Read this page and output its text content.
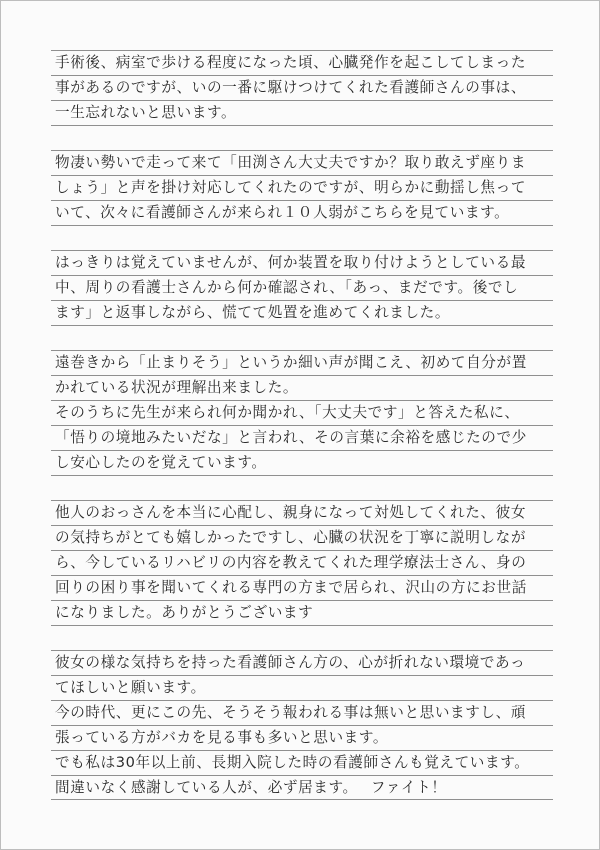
手術後、病室で歩ける程度になった頃、心臓発作を起こしてしまった
事があるのですが、いの一番に駆けつけてくれた看護師さんの事は、
一生忘れないと思います。
物凄い勢いで走って来て「田渕さん大丈夫ですか？取り敢えず座りま
しょう」と声を掛け対応してくれたのですが、明らかに動揺し焦って
いて、次々に看護師さんが来られ１０人弱がこちらを見ています。
はっきりは覚えていませんが、何か装置を取り付けようとしている最
中、周りの看護士さんから何か確認され、「あっ、まだです。後でし
ます」と返事しながら、慌てて処置を進めてくれました。
遠巻きから「止まりそう」というか細い声が聞こえ、初めて自分が置
かれている状況が理解出来ました。
そのうちに先生が来られ何か聞かれ、「大丈夫です」と答えた私に、
「悟りの境地みたいだな」と言われ、その言葉に余裕を感じたので少
し安心したのを覚えています。
他人のおっさんを本当に心配し、親身になって対処してくれた、彼女
の気持ちがとても嬉しかったですし、心臓の状況を丁寧に説明しなが
ら、今しているリハビリの内容を教えてくれた理学療法士さん、身の
回りの困り事を聞いてくれる専門の方まで居られ、沢山の方にお世話
になりました。ありがとうございます
彼女の様な気持ちを持った看護師さん方の、心が折れない環境であっ
てほしいと願います。
今の時代、更にこの先、そうそう報われる事は無いと思いますし、頑
張っている方がバカを見る事も多いと思います。
でも私は30年以上前、長期入院した時の看護師さんも覚えています。
間違いなく感謝している人が、必ず居ます。　 ファイト！
